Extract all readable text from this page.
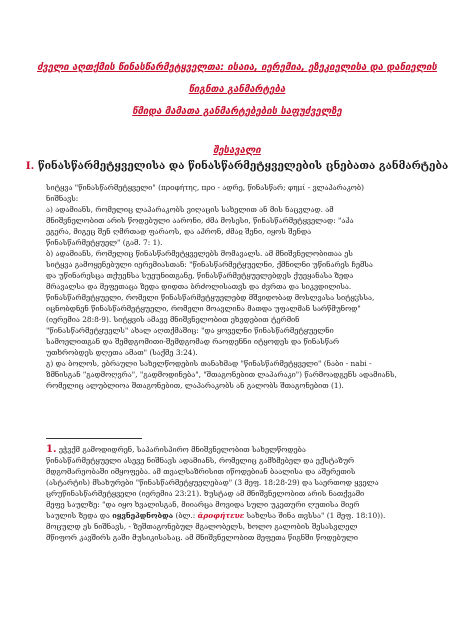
ძველი აღთქმის წინასწარმეტყველთა: ისაია, იერემია, ეზეკიელისა და დანიელის
წიგნთა განმარტება
წმიდა მამათა განმარტებების საფუძველზე
შესავალი
I. წინასწარმეტყველისა და წინასწარმეტყველების ცნებათა განმარტება
სიტყვა "წინასწარმეტყველი" (προφήτης, προ - ადრე, წინასწარ; φημί - ვლაპარაკობ)
ნიშნავს:
ა) ადამიანს, რომელიც ლაპარაკობს ვიღაცის სახელით ან მის ნაცვლად. ამ
მნიშვნელობით არის წოდებული აარონი, ძმა მოსესი, წინასწარმეტყველად: "აჰა
ეგერა, მიგეც შენ ღმრთად ფარაოს, და აჰრონ, ძმაჲ შენი, იყოს შენდა
წინასწარმეტყუელ" (გამ. 7: 1).
ბ) ადამიანს, რომელიც წინასწარმეტყველებს მომავალს. ამ მნიშვნელობითაა ეს
სიტყვა გამოყენებული იერემიასთან: "წინასწარმეტყუელნი, ქმნილნი უწინარეს ჩემსა
და უწინარესცა თქუენსა სუეუნითგანე, წინასწარმეტყუელებდეს ქუეყანასა ზედა
მრავალსა და მეფეთაცა ზედა დიდთა ბრძოლისათვს და ძვრთა და სიკვდილისა.
წინასწარმეტყუელი, რომელი წინასწარმეტყუელებდ მშვიდობად მოსლვასა სიტყჳსსა,
იცნობდნენ წინასწარმეტყუელი, რომელი მოავლინა მათდა უფალმან სარწმუნოდ"
(იერემია 28:8-9). სიტყვის ამავე მნიშვნელობით ეხვდებით ტერმინ
"წინასწარმეტყუელს" ახალ აღთქმაშიც: "და ყოველნი წინასწარმეტყუელნი
სამოელითგან და შემდგომითი-შემდგომად რაოდენნი იტყოდეს და წინასწარ
უთხრობდეს დღეთა ამათ" (საქმე 3:24).
გ) და ბოლოს, ებრაული სახელწოდების თანახმად "წინასწარმეტყველი" (ნაბი - nabi -
ზმნისგან "გადმოღვრა", "გადმოდინება", "შთაგონებით ლაპარაკი") წარმოადგენს ადამიანს,
რომელიც ალუბლიოა შთაგონებით, ლაპარაკობს ან გალობს შთაგონებით (1).
1. ეჭვქმ გამოდიდრენ, საპარისპირო მნიშვნელობით სახელწოდება
წინასწარმეტყუელი ასევე ნიშნავს ადამიანს, რომელიც გამხმებელ და ექსტაზურ
მდგომარეობაში იმყოფება. ამ თვალსაზრისით იწოდებიან ბაალისა და აშერეთის
(ასტარტის) მსახურები "წინასწარმეტყუელებად" (3 მეფ. 18:28-29) და საერთოდ ყველა
ცრუწინასწარმეტყველი (იერემია 23:21). ზუსტად ამ მნიშვნელობით არის ნათქვამი
მეფე საულზე: "და იყო ხვალისგან, მიიარცა მოვიდა სული უკეთური ღუთისა მიერ
საულის ზედა და იყვნეპდნობდა (ბლ.: ᾰροφήτευε სახლსა შინა თვსსა" (1 მეფ. 18:10)).
მოცულდ ეს ნიშნავს, - ზეშთაგონებულ მგალობელს, ხოლო გალობის შესასვლელ
მწიფორ კავშირს გაში მუსიკისასაც. ამ მნიშვნელობით მეფეთა წიგნში წოდებული
